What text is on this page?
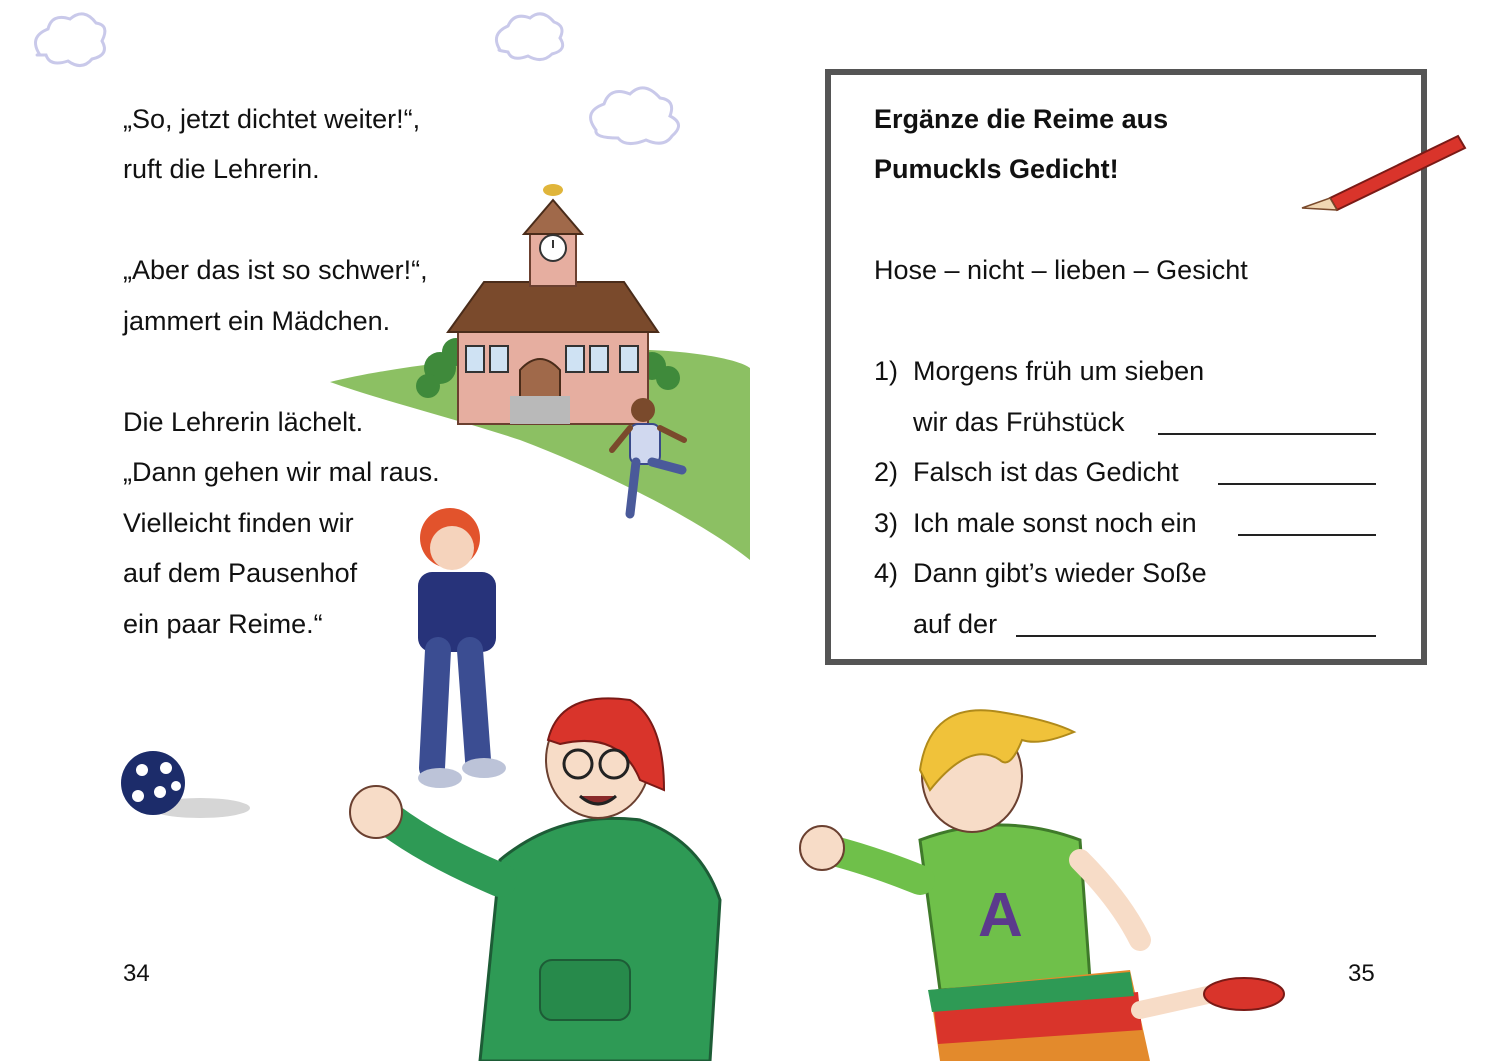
„So, jetzt dichtet weiter!“,
ruft die Lehrerin.
„Aber das ist so schwer!“,
jammert ein Mädchen.
Die Lehrerin lächelt.
„Dann gehen wir mal raus.
Vielleicht finden wir
auf dem Pausenhof
ein paar Reime.“
34
Ergänze die Reime aus
Pumuckls Gedicht!
Hose – nicht – lieben – Gesicht
1) Morgens früh um sieben
wir das Frühstück
2) Falsch ist das Gedicht
3) Ich male sonst noch ein
4) Dann gibt’s wieder Soße
auf der
35
A
